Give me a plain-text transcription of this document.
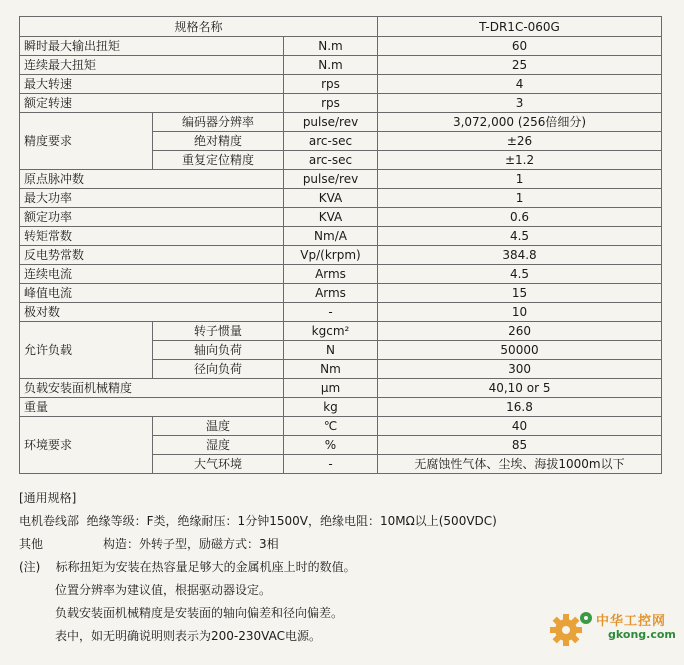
规格名称			T-DR1C-060G
瞬时最大输出扭矩		N.m	60
连续最大扭矩		N.m	25
最大转速		rps	4
额定转速		rps	3
精度要求	编码器分辨率	pulse/rev	3,072,000 (256倍细分)
	绝对精度	arc-sec	±26
	重复定位精度	arc-sec	±1.2
原点脉冲数		pulse/rev	1
最大功率		KVA	1
额定功率		KVA	0.6
转矩常数		Nm/A	4.5
反电势常数		Vp/(krpm)	384.8
连续电流		Arms	4.5
峰值电流		Arms	15
极对数		-	10
允许负载	转子惯量	kgcm²	260
	轴向负荷	N	50000
	径向负荷	Nm	300
负载安装面机械精度		μm	40,10 or 5
重量		kg	16.8
环境要求	温度	℃	40
	湿度	%	85
	大气环境	-	无腐蚀性气体、尘埃、海拔1000m以下
[通用规格]
电机卷线部 绝缘等级：F类，绝缘耐压：1分钟1500V，绝缘电阻：10MΩ以上(500VDC)
其他	构造：外转子型，励磁方式：3相
(注) 标称扭矩为安装在热容量足够大的金属机座上时的数值。
位置分辨率为建议值，根据驱动器设定。
负载安装面机械精度是安装面的轴向偏差和径向偏差。
表中，如无明确说明则表示为200-230VAC电源。
中华工控网
gkong.com
